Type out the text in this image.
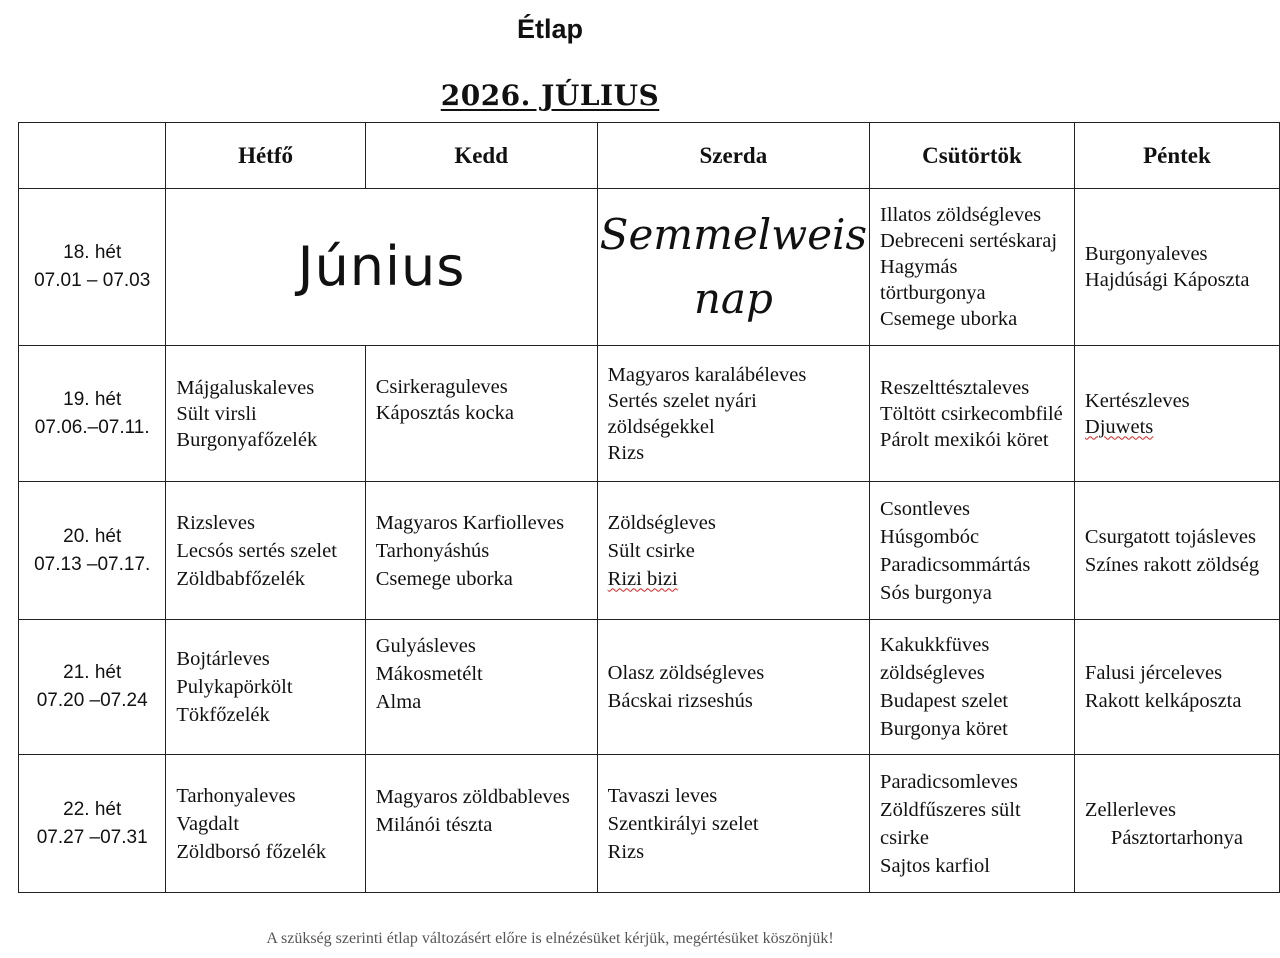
Étlap
2026. JÚLIUS
	Hétfő	Kedd	Szerda	Csütörtök	Péntek

18. hét
07.01 – 07.03	Június		Semmelweis
nap	Illatos zöldségleves
Debreceni sertéskaraj
Hagymás törtburgonya
Csemege uborka	Burgonyaleves
Hajdúsági Káposzta

19. hét
07.06.–07.11.	Májgaluskaleves
Sült virsli
Burgonyafőzelék	Csirkeraguleves
Káposztás kocka	Magyaros karalábéleves
Sertés szelet nyári zöldségekkel
Rizs	Reszelttésztaleves
Töltött csirkecombfilé
Párolt mexikói köret	Kertészleves
Djuwets

20. hét
07.13 –07.17.	Rizsleves
Lecsós sertés szelet
Zöldbabfőzelék	Magyaros Karfiolleves
Tarhonyáshús
Csemege uborka	Zöldségleves
Sült csirke
Rizi bizi	Csontleves
Húsgombóc
Paradicsommártás
Sós burgonya	Csurgatott tojásleves
Színes rakott zöldség

21. hét
07.20 –07.24	Bojtárleves
Pulykapörkölt
Tökfőzelék	Gulyásleves
Mákosmetélt
Alma	Olasz zöldségleves
Bácskai rizseshús	Kakukkfüves zöldségleves
Budapest szelet
Burgonya köret	Falusi jérceleves
Rakott kelkáposzta

22. hét
07.27 –07.31	Tarhonyaleves
Vagdalt
Zöldborsó főzelék	Magyaros zöldbableves
Milánói tészta	Tavaszi leves
Szentkirályi szelet
Rizs	Paradicsomleves
Zöldfűszeres sült csirke
Sajtos karfiol	Zellerleves
Pásztortarhonya
A szükség szerinti étlap változásért előre is elnézésüket kérjük, megértésüket köszönjük!
